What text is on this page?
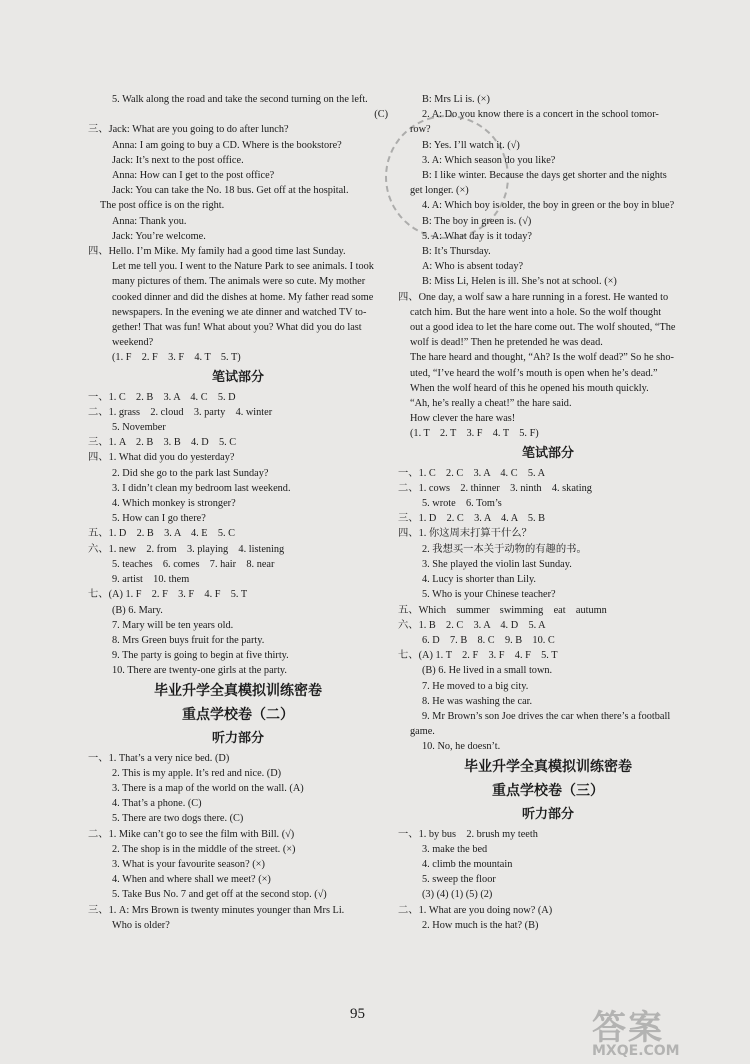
5. Walk along the road and take the second turning on the left.
(C)
三、Jack: What are you going to do after lunch?
Anna: I am going to buy a CD. Where is the bookstore?
Jack: It’s next to the post office.
Anna: How can I get to the post office?
Jack: You can take the No. 18 bus. Get off at the hospital.
The post office is on the right.
Anna: Thank you.
Jack: You’re welcome.
四、Hello. I’m Mike. My family had a good time last Sunday.
Let me tell you. I went to the Nature Park to see animals. I took
many pictures of them. The animals were so cute. My mother
cooked dinner and did the dishes at home. My father read some
newspapers. In the evening we ate dinner and watched TV to-
gether! That was fun! What about you? What did you do last
weekend?
(1. F    2. F    3. F    4. T    5. T)
笔试部分
一、1. C    2. B    3. A    4. C    5. D
二、1. grass    2. cloud    3. party    4. winter
5. November
三、1. A    2. B    3. B    4. D    5. C
四、1. What did you do yesterday?
2. Did she go to the park last Sunday?
3. I didn’t clean my bedroom last weekend.
4. Which monkey is stronger?
5. How can I go there?
五、1. D    2. B    3. A    4. E    5. C
六、1. new    2. from    3. playing    4. listening
5. teaches    6. comes    7. hair    8. near
9. artist    10. them
七、(A) 1. F    2. F    3. F    4. F    5. T
(B) 6. Mary.
7. Mary will be ten years old.
8. Mrs Green buys fruit for the party.
9. The party is going to begin at five thirty.
10. There are twenty-one girls at the party.
毕业升学全真模拟训练密卷
重点学校卷（二）
听力部分
一、1. That’s a very nice bed. (D)
2. This is my apple. It’s red and nice. (D)
3. There is a map of the world on the wall. (A)
4. That’s a phone. (C)
5. There are two dogs there. (C)
二、1. Mike can’t go to see the film with Bill. (√)
2. The shop is in the middle of the street. (×)
3. What is your favourite season? (×)
4. When and where shall we meet? (×)
5. Take Bus No. 7 and get off at the second stop. (√)
三、1. A: Mrs Brown is twenty minutes younger than Mrs Li.
Who is older?
B: Mrs Li is. (×)
2. A: Do you know there is a concert in the school tomor-
row?
B: Yes. I’ll watch it. (√)
3. A: Which season do you like?
B: I like winter. Because the days get shorter and the nights
get longer. (×)
4. A: Which boy is older, the boy in green or the boy in blue?
B: The boy in green is. (√)
5. A: What day is it today?
B: It’s Thursday.
A: Who is absent today?
B: Miss Li, Helen is ill. She’s not at school. (×)
四、One day, a wolf saw a hare running in a forest. He wanted to
catch him. But the hare went into a hole. So the wolf thought
out a good idea to let the hare come out. The wolf shouted, “The
wolf is dead!” Then he pretended he was dead.
The hare heard and thought, “Ah? Is the wolf dead?” So he sho-
uted, “I’ve heard the wolf’s mouth is open when he’s dead.”
When the wolf heard of this he opened his mouth quickly.
“Ah, he’s really a cheat!” the hare said.
How clever the hare was!
(1. T    2. T    3. F    4. T    5. F)
笔试部分
一、1. C    2. C    3. A    4. C    5. A
二、1. cows    2. thinner    3. ninth    4. skating
5. wrote    6. Tom’s
三、1. D    2. C    3. A    4. A    5. B
四、1. 你这周末打算干什么？
2. 我想买一本关于动物的有趣的书。
3. She played the violin last Sunday.
4. Lucy is shorter than Lily.
5. Who is your Chinese teacher?
五、Which    summer    swimming    eat    autumn
六、1. B    2. C    3. A    4. D    5. A
6. D    7. B    8. C    9. B    10. C
七、(A) 1. T    2. F    3. F    4. F    5. T
(B) 6. He lived in a small town.
7. He moved to a big city.
8. He was washing the car.
9. Mr Brown’s son Joe drives the car when there’s a football
game.
10. No, he doesn’t.
毕业升学全真模拟训练密卷
重点学校卷（三）
听力部分
一、1. by bus    2. brush my teeth
3. make the bed
4. climb the mountain
5. sweep the floor
(3) (4) (1) (5) (2)
二、1. What are you doing now? (A)
2. How much is the hat? (B)
95	答案
MXQE.COM
